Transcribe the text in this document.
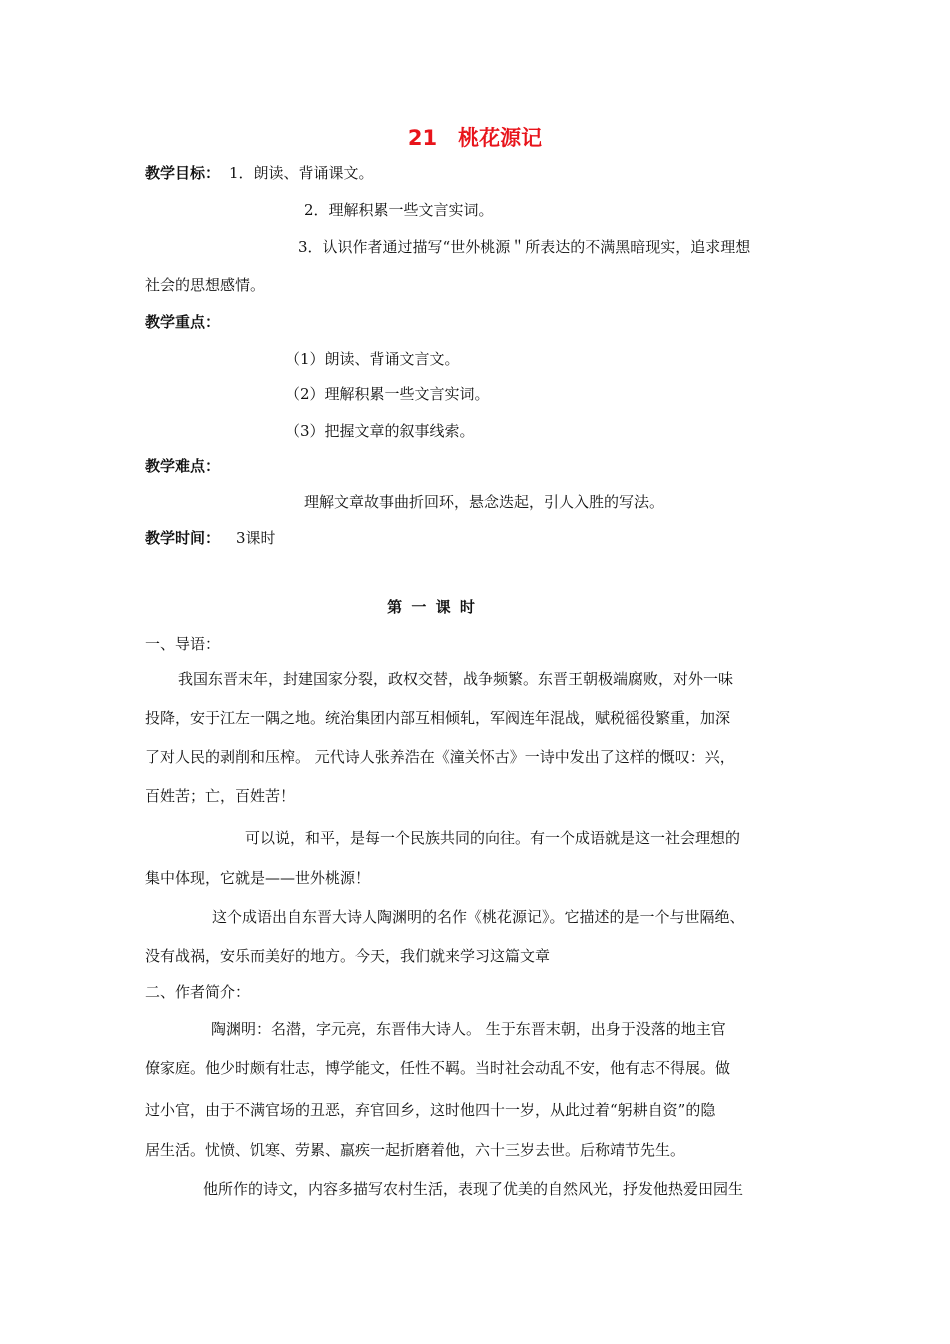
21　桃花源记
教学目标： 1．朗读、背诵课文。
2．理解积累一些文言实词。
3．认识作者通过描写“世外桃源＂所表达的不满黑暗现实，追求理想
社会的思想感情。
教学重点：
（1）朗读、背诵文言文。
（2）理解积累一些文言实词。
（3）把握文章的叙事线索。
教学难点：
理解文章故事曲折回环，悬念迭起，引人入胜的写法。
教学时间： 3课时
第 一 课 时
一、导语：
我国东晋末年，封建国家分裂，政权交替，战争频繁。东晋王朝极端腐败，对外一味
投降，安于江左一隅之地。统治集团内部互相倾轧，军阀连年混战，赋税徭役繁重，加深
了对人民的剥削和压榨。 元代诗人张养浩在《潼关怀古》一诗中发出了这样的慨叹：兴，
百姓苦；亡，百姓苦！
可以说，和平，是每一个民族共同的向往。有一个成语就是这一社会理想的
集中体现，它就是——世外桃源！
这个成语出自东晋大诗人陶渊明的名作《桃花源记》。它描述的是一个与世隔绝、
没有战祸，安乐而美好的地方。今天，我们就来学习这篇文章
二、作者简介：
陶渊明：名潜，字元亮，东晋伟大诗人。 生于东晋末朝，出身于没落的地主官
僚家庭。他少时颇有壮志，博学能文，任性不羁。当时社会动乱不安，他有志不得展。做
过小官，由于不满官场的丑恶，弃官回乡，这时他四十一岁，从此过着“躬耕自资”的隐
居生活。忧愤、饥寒、劳累、羸疾一起折磨着他，六十三岁去世。后称靖节先生。
他所作的诗文，内容多描写农村生活，表现了优美的自然风光，抒发他热爱田园生
